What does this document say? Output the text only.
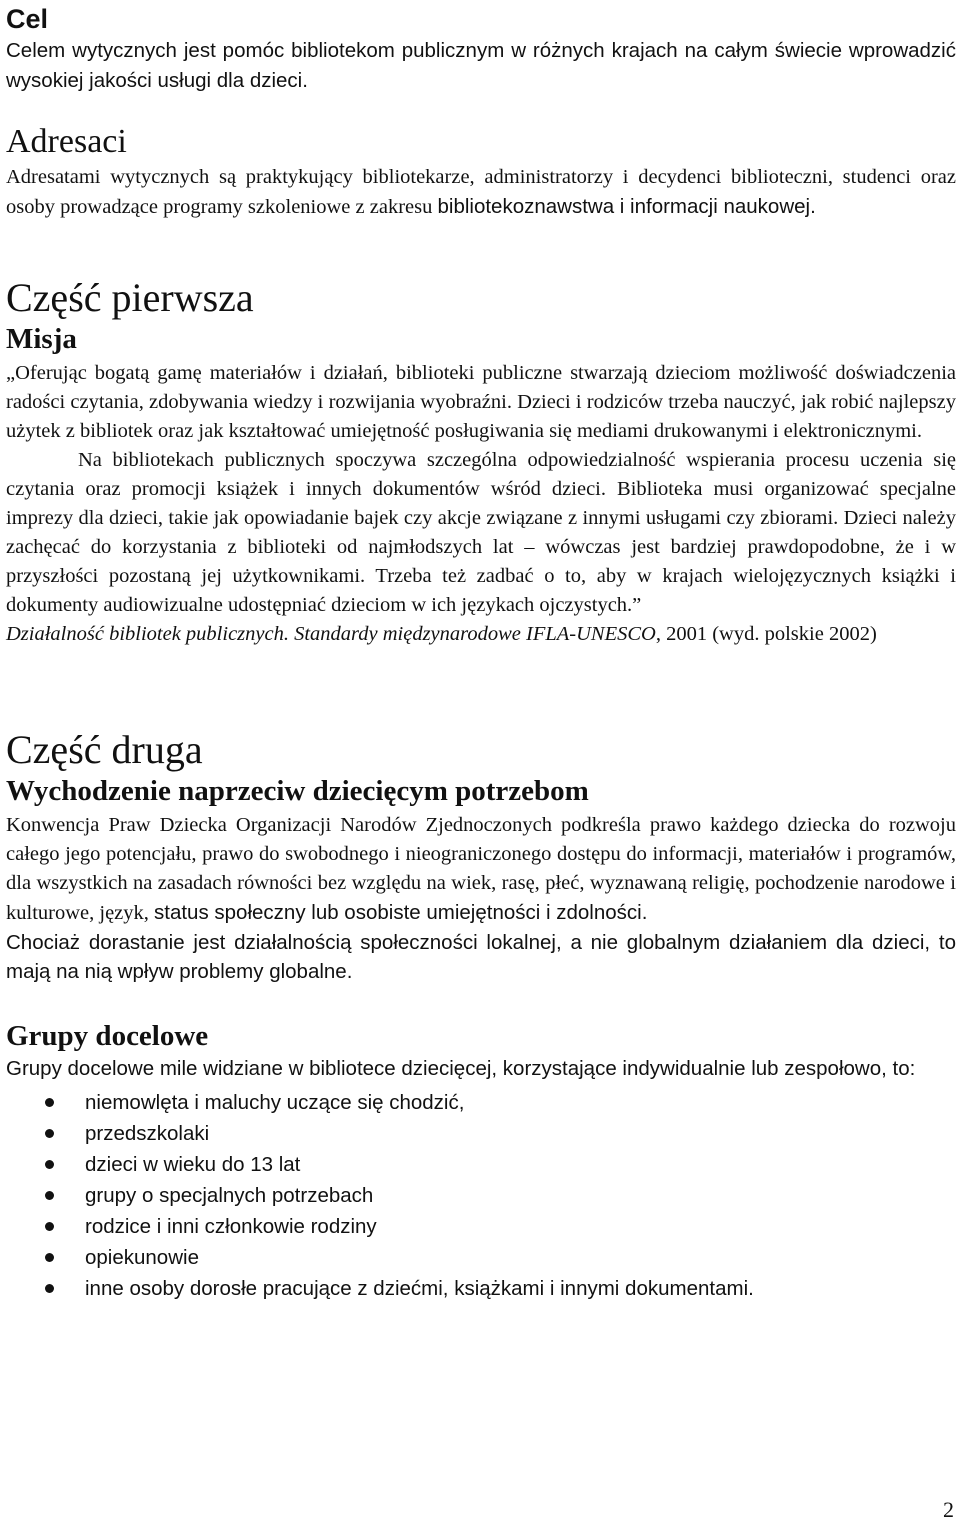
Cel

Celem wytycznych jest pomóc bibliotekom publicznym w różnych krajach na całym świecie wprowadzić wysokiej jakości usługi dla dzieci.

Adresaci

Adresatami wytycznych są praktykujący bibliotekarze, administratorzy i decydenci biblioteczni, studenci oraz osoby prowadzące programy szkoleniowe z zakresu bibliotekoznawstwa i informacji naukowej.

Część pierwsza
Misja

„Oferując bogatą gamę materiałów i działań, biblioteki publiczne stwarzają dzieciom możliwość doświadczenia radości czytania, zdobywania wiedzy i rozwijania wyobraźni. Dzieci i rodziców trzeba nauczyć, jak robić najlepszy użytek z bibliotek oraz jak kształtować umiejętność posługiwania się mediami drukowanymi i elektronicznymi.

Na bibliotekach publicznych spoczywa szczególna odpowiedzialność wspierania procesu uczenia się czytania oraz promocji książek i innych dokumentów wśród dzieci. Biblioteka musi organizować specjalne imprezy dla dzieci, takie jak opowiadanie bajek czy akcje związane z innymi usługami czy zbiorami. Dzieci należy zachęcać do korzystania z biblioteki od najmłodszych lat – wówczas jest bardziej prawdopodobne, że i w przyszłości pozostaną jej użytkownikami. Trzeba też zadbać o to, aby w krajach wielojęzycznych książki i dokumenty audiowizualne udostępniać dzieciom w ich językach ojczystych.”

Działalność bibliotek publicznych. Standardy międzynarodowe IFLA-UNESCO, 2001 (wyd. polskie 2002)

Część druga
Wychodzenie naprzeciw dziecięcym potrzebom

Konwencja Praw Dziecka Organizacji Narodów Zjednoczonych podkreśla prawo każdego dziecka do rozwoju całego jego potencjału, prawo do swobodnego i nieograniczonego dostępu do informacji, materiałów i programów, dla wszystkich na zasadach równości bez względu na wiek, rasę, płeć, wyznawaną religię, pochodzenie narodowe i kulturowe, język, status społeczny lub osobiste umiejętności i zdolności.

Chociaż dorastanie jest działalnością społeczności lokalnej, a nie globalnym działaniem dla dzieci, to mają na nią wpływ problemy globalne.

Grupy docelowe

Grupy docelowe mile widziane w bibliotece dziecięcej, korzystające indywidualnie lub zespołowo, to:

niemowlęta i maluchy uczące się chodzić,
przedszkolaki
dzieci w wieku do 13 lat
grupy o specjalnych potrzebach
rodzice i inni członkowie rodziny
opiekunowie
inne osoby dorosłe pracujące z dziećmi, książkami i innymi dokumentami.
2
